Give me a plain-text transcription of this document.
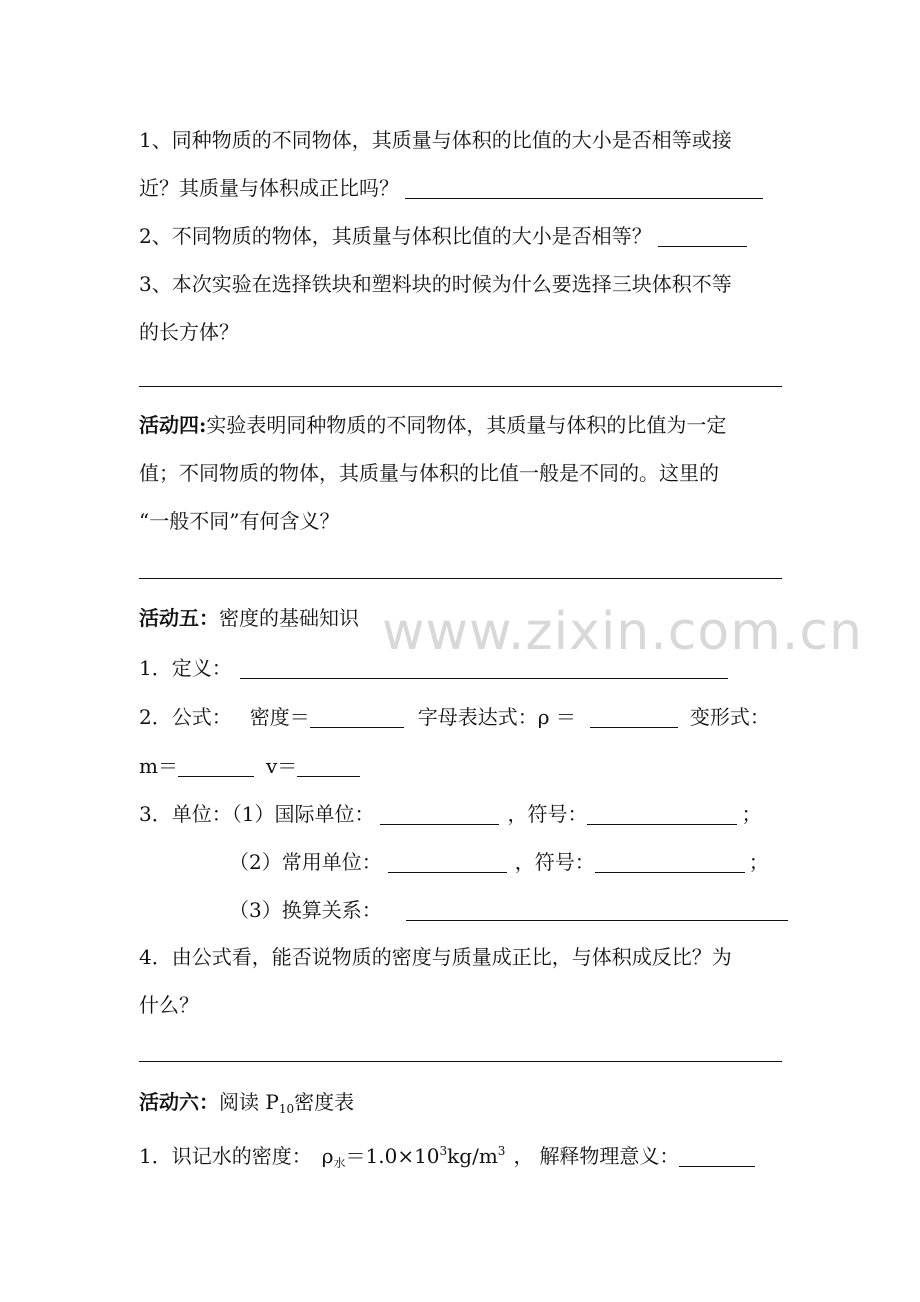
1、同种物质的不同物体，其质量与体积的比值的大小是否相等或接
近？其质量与体积成正比吗？
2、不同物质的物体，其质量与体积比值的大小是否相等？
3、本次实验在选择铁块和塑料块的时候为什么要选择三块体积不等
的长方体？
活动四:实验表明同种物质的不同物体，其质量与体积的比值为一定
值；不同物质的物体，其质量与体积的比值一般是不同的。这里的
“一般不同”有何含义？
活动五：密度的基础知识 www.zixin.com.cn
1．定义：
2．公式： 密度＝	字母表达式：ρ ＝	变形式：
m＝	v＝
3．单位：（1）国际单位：	，符号：	；
（2）常用单位：	，符号：	；
（3）换算关系：
4．由公式看，能否说物质的密度与质量成正比，与体积成反比？为
什么？
活动六：阅读 $P_{10}$密度表
1．识记水的密度： $\rho_水=1.0\times 10^3kg/m^3$ ， 解释物理意义：
